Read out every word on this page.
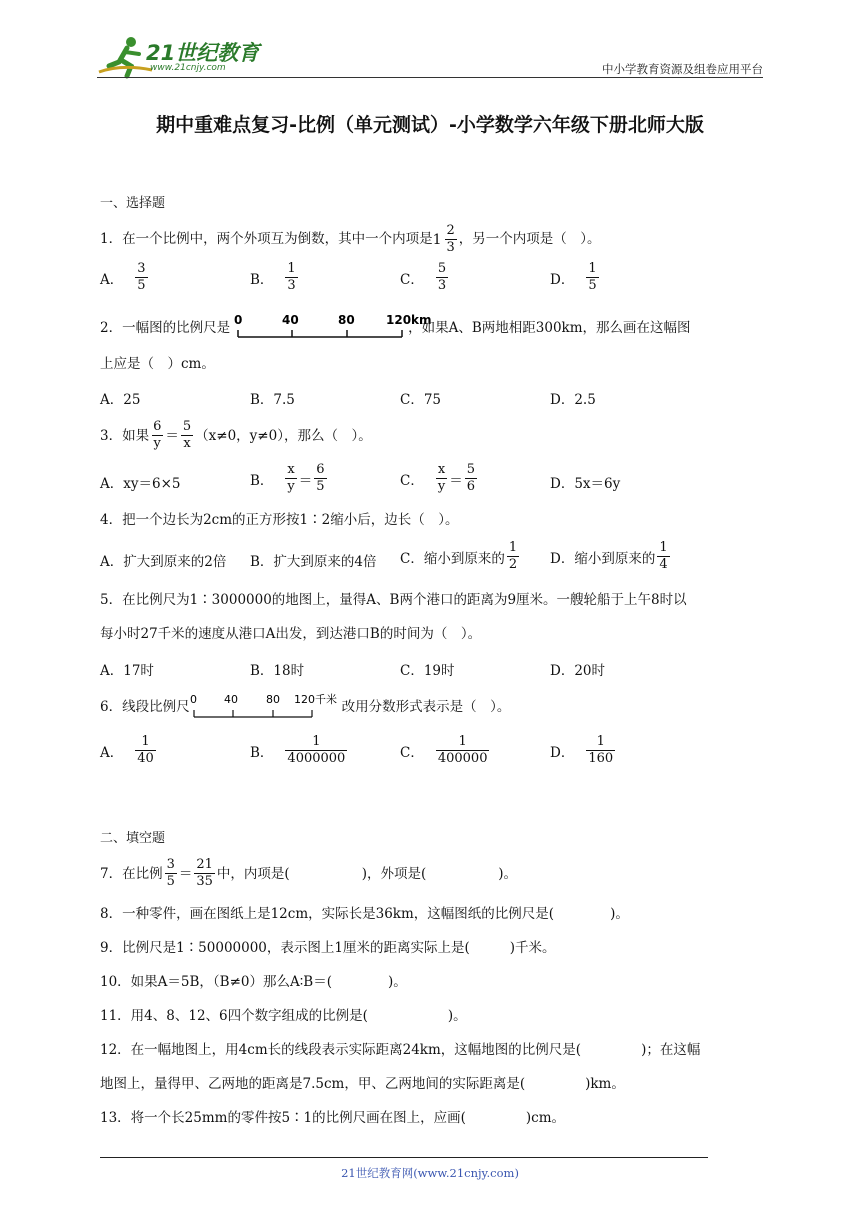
21世纪教育
www.21cnjy.com	中小学教育资源及组卷应用平台
期中重难点复习-比例（单元测试）-小学数学六年级下册北师大版
一、选择题
1．在一个比例中，两个外项互为倒数，其中一个内项是 $1 \frac{2}{3}$ ，另一个内项是（　）。
A． $\frac{3}{5}$	B． $\frac{1}{3}$	C． $\frac{5}{3}$	D． $\frac{1}{5}$
2．一幅图的比例尺是 0	40	80	120km
，如果A、B两地相距300km，那么画在这幅图
上应是（　）cm。
A．25	B．7.5	C．75	D．2.5
3．如果 $\frac{6}{y} = \frac{5}{x} (x\ne 0$，y≠0），那么（　）。
A．xy＝6×5	B． $\frac{x}{y} = \frac{6}{5}$	C． $\frac{x}{y} = \frac{5}{6}$	D．5x＝6y
4．把一个边长为2cm的正方形按1∶2缩小后，边长（　）。
A．扩大到原来的2倍 B．扩大到原来的4倍 C．缩小到原来的 $\frac{1}{2}$ D．缩小到原来的 $\frac{1}{4}$
5．在比例尺为1∶3000000的地图上，量得A、B两个港口的距离为9厘米。一艘轮船于上午8时以
每小时27千米的速度从港口A出发，到达港口B的时间为（　）。
A．17时	B．18时	C．19时	D．20时
6．线段比例尺 0 40	80 120千米 改用分数形式表示是（　）。
A． $\frac{1}{40}$	B． $\frac{1}{4000000}$	C． $\frac{1}{400000}$	D． $\frac{1}{160}$
二、填空题
7．在比例 $\frac{3}{5} = \frac{21}{35}$ 中，内项是(	)，外项是(	)。
8．一种零件，画在图纸上是12cm，实际长是36km，这幅图纸的比例尺是(	)。
9．比例尺是1∶50000000，表示图上1厘米的距离实际上是(	)千米。
10．如果A＝5B，（B≠0）那么A∶B＝(	)。
11．用4、8、12、6四个数字组成的比例是(	)。
12．在一幅地图上，用4cm长的线段表示实际距离24km，这幅地图的比例尺是(	)；在这幅
地图上，量得甲、乙两地的距离是7.5cm，甲、乙两地间的实际距离是(	)km。
13．将一个长25mm的零件按5∶1的比例尺画在图上，应画(	)cm。
21世纪教育网(www.21cnjy.com)
